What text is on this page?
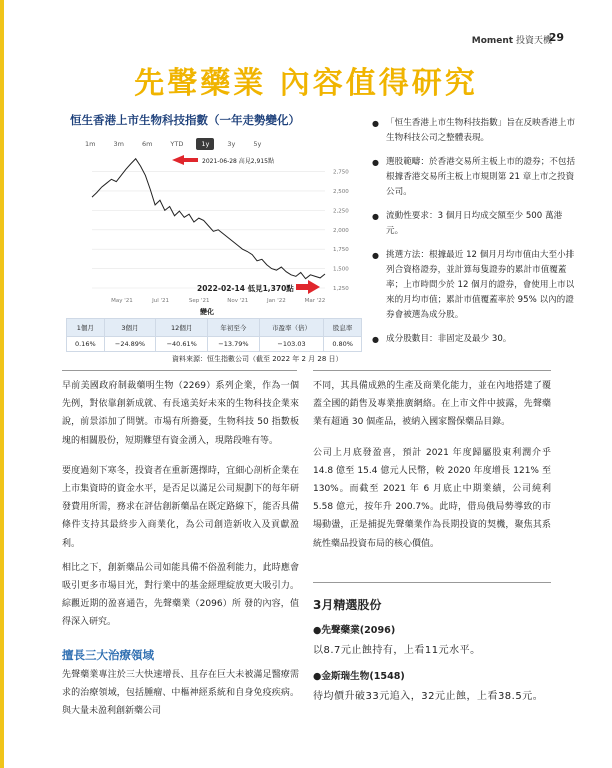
Moment 投資天機
29
先聲藥業 內容值得研究
恒生香港上市生物科技指數（一年走勢變化）
1m	3m	6m	YTD	1y	3y	5y
1,250
1,500
1,750
2,000
2,250
2,500
2,750
May '21	Jul '21	Sep '21	Nov '21	Jan '22	Mar '22
2021-06-28 高見2,915點
2022-02-14 低見1,370點
變化
1個月	3個月	12個月	年初至今	市盈率（倍）	股息率
0.16%	−24.89%	−40.61%	−13.79%	−103.03	0.80%
資料來源：恒生指數公司（截至 2022 年 2 月 28 日）
● 「恒生香港上市生物科技指數」旨在反映香港上市生物科技公司之整體表現。
● 選股範疇：於香港交易所主板上市的證券；不包括根據香港交易所主板上市規則第 21 章上市之投資公司。
● 流動性要求：3 個月日均成交額至少 500 萬港元。
● 挑選方法：根據最近 12 個月月均市值由大至小排列合資格證券，並計算每隻證券的累計市值覆蓋率；上市時間少於 12 個月的證券，會使用上市以來的月均市值；累計市值覆蓋率於 95% 以內的證券會被選為成分股。
● 成分股數目：非固定及最少 30。

早前美國政府制裁藥明生物（2269）系列企業，作為一個先例，對依靠創新成就、有長遠美好未來的生物科技企業來說，前景添加了問號。市場有所擔憂，生物科技 50 指數板塊的相關股份，短期難望有資金湧入，現階段唯有等。

要度過刻下寒冬，投資者在重新選擇時，宜細心剖析企業在上市集資時的資金水平，是否足以滿足公司規劃下的每年研發費用所需，務求在評估創新藥品在既定路線下，能否具備條件支持其最終步入商業化，為公司創造新收入及貢獻盈利。

相比之下，創新藥品公司如能具備不俗盈利能力，此時應會吸引更多市場目光，對行業中的基金經理綻放更大吸引力。綜觀近期的盈喜通告，先聲藥業（2096）所 發的內容，值得深入研究。

擅長三大治療領域

先聲藥業專注於三大快速增長、且存在巨大未被滿足醫療需求的治療領域，包括腫瘤、中樞神經系統和自身免疫疾病。與大量未盈利創新藥公司

不同，其具備成熟的生產及商業化能力，並在內地搭建了覆蓋全國的銷售及專業推廣網絡。在上市文件中披露，先聲藥業有超過 30 個產品，被納入國家醫保藥品目錄。

公司上月底發盈喜，預計 2021 年度歸屬股東利潤介乎 14.8 億至 15.4 億元人民幣，較 2020 年度增長 121% 至 130%。而截至 2021 年 6 月底止中期業績，公司純利 5.58 億元，按年升 200.7%。此時，借烏俄局勢導致的市場動盪，正是捕捉先聲藥業作為長期投資的契機，聚焦其系統性藥品投資布局的核心價值。

3月精選股份
●先聲藥業(2096)
以8.7元止蝕持有，上看11元水平。
●金斯瑞生物(1548)
待均價升破33元追入，32元止蝕，上看38.5元。
